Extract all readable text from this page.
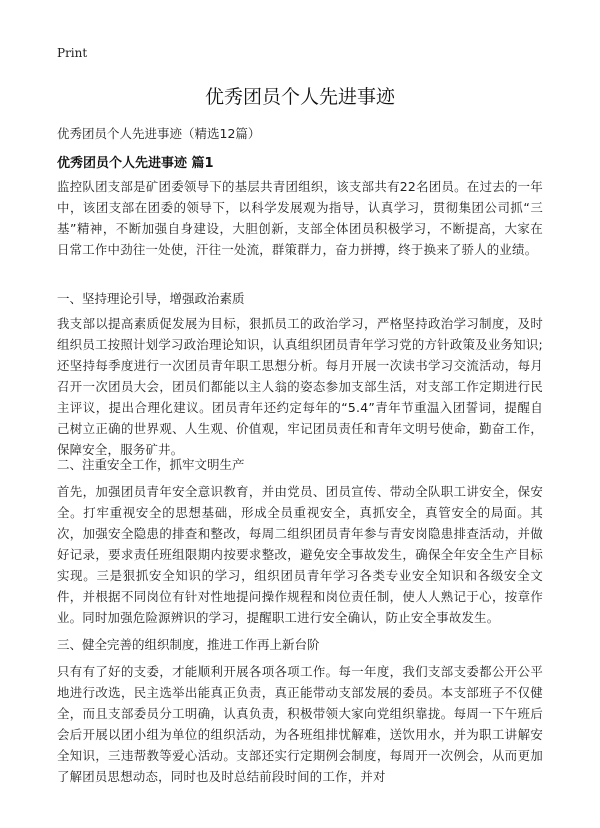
Print
优秀团员个人先进事迹
优秀团员个人先进事迹（精选12篇）
优秀团员个人先进事迹 篇1

监控队团支部是矿团委领导下的基层共青团组织，该支部共有22名团员。在过去的一年中，该团支部在团委的领导下，以科学发展观为指导，认真学习，贯彻集团公司抓“三基”精神，不断加强自身建设，大胆创新，支部全体团员积极学习，不断提高，大家在日常工作中劲往一处使，汗往一处流，群策群力，奋力拼搏，终于换来了骄人的业绩。

一、坚持理论引导，增强政治素质

我支部以提高素质促发展为目标，狠抓员工的政治学习，严格坚持政治学习制度，及时组织员工按照计划学习政治理论知识，认真组织团员青年学习党的方针政策及业务知识;还坚持每季度进行一次团员青年职工思想分析。每月开展一次读书学习交流活动，每月召开一次团员大会，团员们都能以主人翁的姿态参加支部生活，对支部工作定期进行民主评议，提出合理化建议。团员青年还约定每年的“5.4”青年节重温入团誓词，提醒自己树立正确的世界观、人生观、价值观，牢记团员责任和青年文明号使命，勤奋工作，保障安全，服务矿井。

二、注重安全工作，抓牢文明生产

首先，加强团员青年安全意识教育，并由党员、团员宣传、带动全队职工讲安全，保安全。打牢重视安全的思想基础，形成全员重视安全，真抓安全，真管安全的局面。其次，加强安全隐患的排查和整改，每周二组织团员青年参与青安岗隐患排查活动，并做好记录，要求责任班组限期内按要求整改，避免安全事故发生，确保全年安全生产目标实现。三是狠抓安全知识的学习，组织团员青年学习各类专业安全知识和各级安全文件，并根据不同岗位有针对性地提问操作规程和岗位责任制，使人人熟记于心，按章作业。同时加强危险源辨识的学习，提醒职工进行安全确认，防止安全事故发生。

三、健全完善的组织制度，推进工作再上新台阶

只有有了好的支委，才能顺利开展各项各项工作。每一年度，我们支部支委都公开公平地进行改选，民主选举出能真正负责，真正能带动支部发展的委员。本支部班子不仅健全，而且支部委员分工明确，认真负责，积极带领大家向党组织靠拢。每周一下午班后会后开展以团小组为单位的组织活动，为各班组排忧解难，送饮用水，并为职工讲解安全知识，三违帮教等爱心活动。支部还实行定期例会制度，每周开一次例会，从而更加了解团员思想动态，同时也及时总结前段时间的工作，并对
